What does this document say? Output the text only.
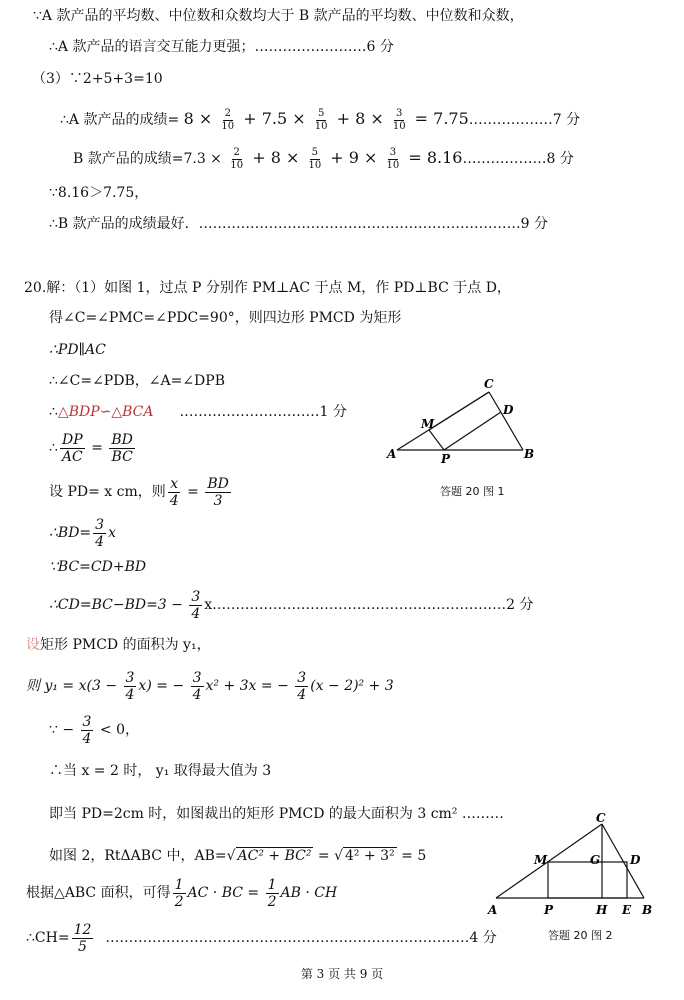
∵A 款产品的平均数、中位数和众数均大于 B 款产品的平均数、中位数和众数，
∴A 款产品的语言交互能力更强；……………………6 分
（3）∵2+5+3=10
∴A 款产品的成绩= $8 \times \frac{2}{10} + 7.5 \times \frac{5}{10} + 8 \times \frac{3}{10}$ = 7.75………………7 分
B 款产品的成绩$=7.3 \times \frac{2}{10} + 8 \times \frac{5}{10} + 9 \times \frac{3}{10}$ = 8.16………………8 分
∵8.16＞7.75，
∴B 款产品的成绩最好．……………………………………………………………9 分
20.解：（1）如图 1，过点 P 分别作 PM⊥AC 于点 M，作 PD⊥BC 于点 D，
得∠C=∠PMC=∠PDC=90°，则四边形 PMCD 为矩形
∴PD∥AC
∴∠C=∠PDB，∠A=∠DPB
∴△BDP∽△BCA …………………………1 分
∴ $\frac{DP}{AC} = \frac{BD}{BC}$
设 PD= x cm，则 $\frac{x}{4} = \frac{BD}{3}$
∴BD= $\frac{3}{4}$ x
∵BC=CD+BD
∴CD=BC−BD=3 − $\frac{3}{4}$ x………………………………………………………2 分
设矩形 PMCD 的面积为 y₁，
则 $y_1 = x(3 - \frac{3}{4} x)$ = − $\frac{3}{4} x^2 + 3x$ = − $\frac{3}{4} (x - 2)^2 + 3$
∵ − $\frac{3}{4} < 0$，
∴当 x = 2 时， y₁ 取得最大值为 3
即当 PD=2cm 时，如图裁出的矩形 PMCD 的最大面积为 3 cm² ………
如图 2，RtΔABC 中，AB=√ AC² + BC² = √ 4² + 3² = 5
根据△ABC 面积，可得 $\frac{1}{2}$ AC · BC = $\frac{1}{2}$ AB · CH
∴CH= $\frac{12}{5}$ ……………………………………………………………………4 分
A	B
C
D
M
P
答题 20 图 1
A	B
C
D
M	G
P	H E
答题 20 图 2
第 3 页 共 9 页
